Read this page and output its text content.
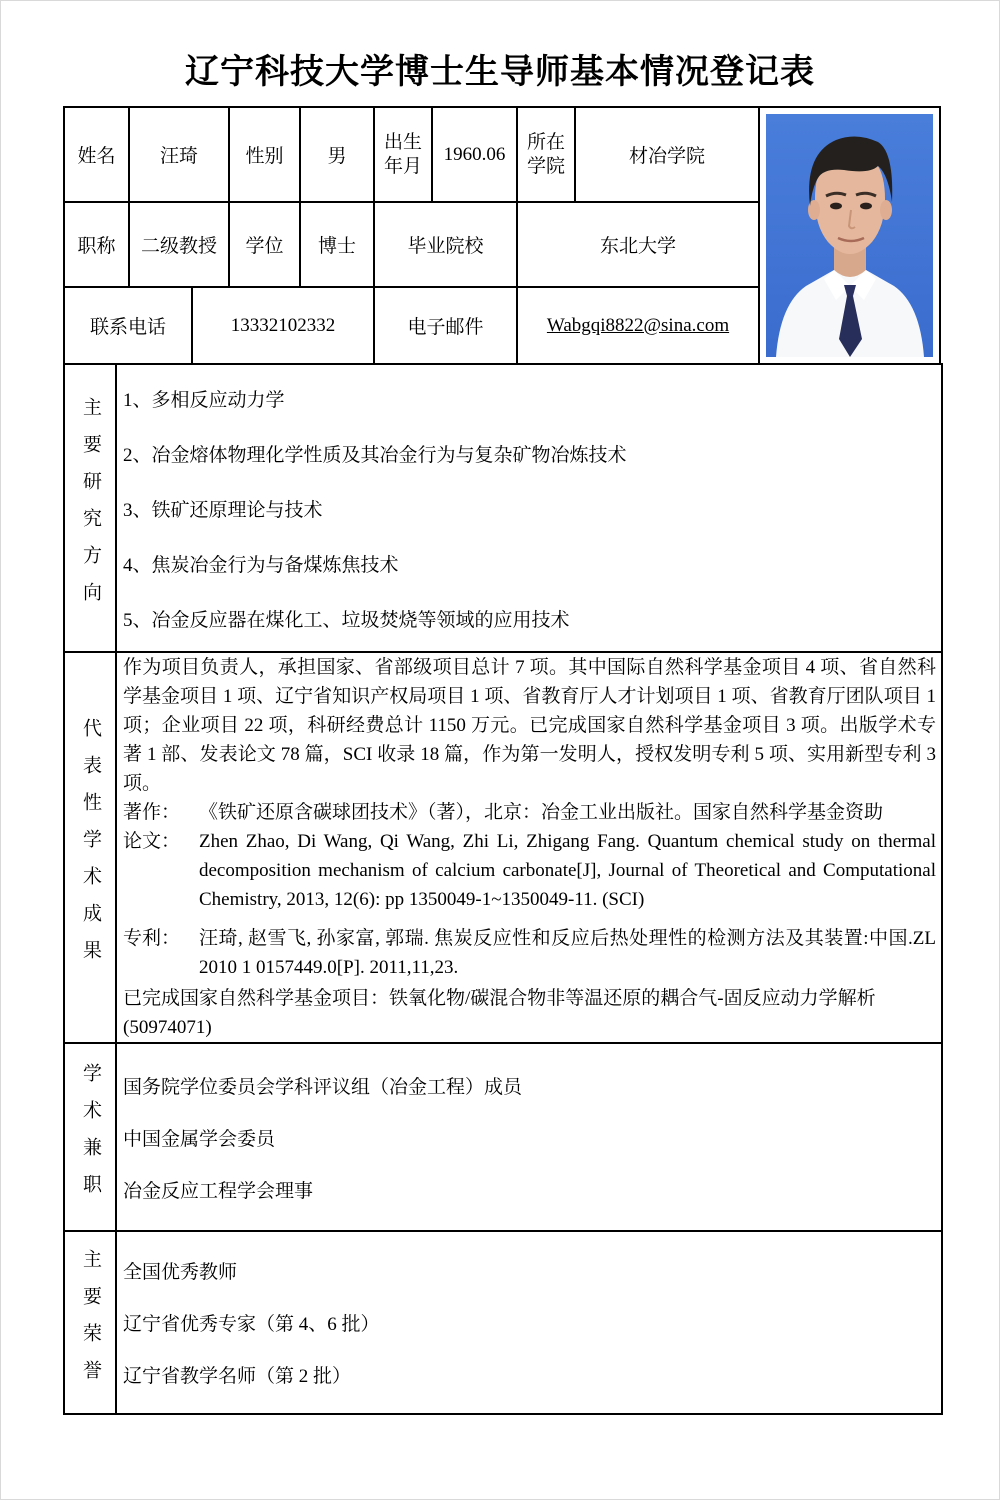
辽宁科技大学博士生导师基本情况登记表
姓名	汪琦		性别	男	出生年月	1960.06	所在学院	材冶学院	

职称	二级教授		学位	博士	毕业院校		东北大学		
联系电话		13332102332			电子邮件		Wabgqi8822@sina.com		
主要研究方向	1、多相反应动力学
2、冶金熔体物理化学性质及其冶金行为与复杂矿物冶炼技术
3、铁矿还原理论与技术
4、焦炭冶金行为与备煤炼焦技术
5、冶金反应器在煤化工、垃圾焚烧等领域的应用技术

代表性学术成果

作为项目负责人，承担国家、省部级项目总计 7 项。其中国际自然科学基金项目 4 项、省自然科学基金项目 1 项、辽宁省知识产权局项目 1 项、省教育厅人才计划项目 1 项、省教育厅团队项目 1 项；企业项目 22 项，科研经费总计 1150 万元。已完成国家自然科学基金项目 3 项。出版学术专著 1 部、发表论文 78 篇，SCI 收录 18 篇，作为第一发明人，授权发明专利 5 项、实用新型专利 3 项。
著作： 《铁矿还原含碳球团技术》（著），北京：冶金工业出版社。国家自然科学基金资助
论文： Zhen Zhao, Di Wang, Qi Wang, Zhi Li, Zhigang Fang. Quantum chemical study on thermal decomposition mechanism of calcium carbonate[J], Journal of Theoretical and Computational Chemistry, 2013, 12(6): pp 1350049-1~1350049-11. (SCI)
专利： 汪琦, 赵雪飞, 孙家富, 郭瑞. 焦炭反应性和反应后热处理性的检测方法及其装置:中国.ZL 2010 1 0157449.0[P]. 2011,11,23.
已完成国家自然科学基金项目：铁氧化物/碳混合物非等温还原的耦合气-固反应动力学解析(50974071)

学术兼职	国务院学位委员会学科评议组（冶金工程）成员
中国金属学会委员
冶金反应工程学会理事

主要荣誉	全国优秀教师
辽宁省优秀专家（第 4、6 批）
辽宁省教学名师（第 2 批）
